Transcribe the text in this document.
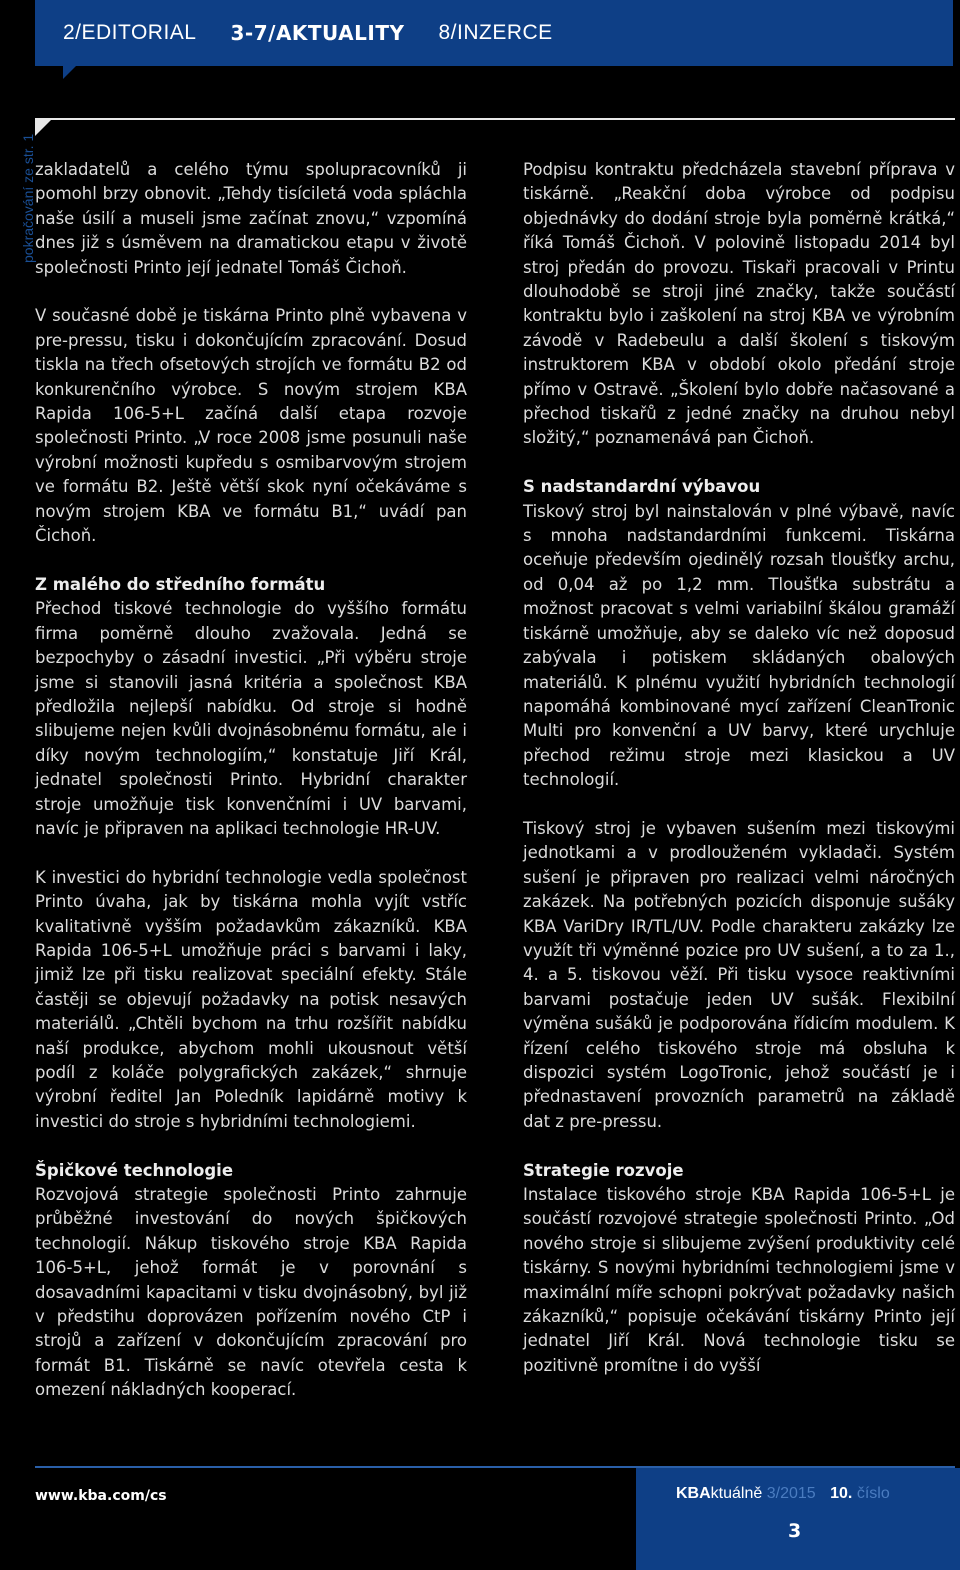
2/EDITORIAL 3-7/AKTUALITY 8/INZERCE
pokračování ze str. 1 zakladatelů a celého týmu spolupracovníků ji pomohl brzy obnovit. „Tehdy tisíciletá voda spláchla naše úsilí a museli jsme začínat znovu,“ vzpomíná dnes již s úsměvem na dramatickou etapu v životě společnosti Printo její jednatel Tomáš Čichoň.

V současné době je tiskárna Printo plně vybavena v pre-pressu, tisku i dokončujícím zpracování. Dosud tiskla na třech ofsetových strojích ve formátu B2 od konkurenčního výrobce. S novým strojem KBA Rapida 106-5+L začíná další etapa rozvoje společnosti Printo. „V roce 2008 jsme posunuli naše výrobní možnosti kupředu s osmibarvovým strojem ve formátu B2. Ještě větší skok nyní očekáváme s novým strojem KBA ve formátu B1,“ uvádí pan Čichoň.

Z malého do středního formátu

Přechod tiskové technologie do vyššího formátu firma poměrně dlouho zvažovala. Jedná se bezpochyby o zásadní investici. „Při výběru stroje jsme si stanovili jasná kritéria a společnost KBA předložila nejlepší nabídku. Od stroje si hodně slibujeme nejen kvůli dvojnásobnému formátu, ale i díky novým technologiím,“ konstatuje Jiří Král, jednatel společnosti Printo. Hybridní charakter stroje umožňuje tisk konvenčními i UV barvami, navíc je připraven na aplikaci technologie HR-UV.

K investici do hybridní technologie vedla společnost Printo úvaha, jak by tiskárna mohla vyjít vstříc kvalitativně vyšším požadavkům zákazníků. KBA Rapida 106-5+L umožňuje práci s barvami i laky, jimiž lze při tisku realizovat speciální efekty. Stále častěji se objevují požadavky na potisk nesavých materiálů. „Chtěli bychom na trhu rozšířit nabídku naší produkce, abychom mohli ukousnout větší podíl z koláče polygrafických zakázek,“ shrnuje výrobní ředitel Jan Poledník lapidárně motivy k investici do stroje s hybridními technologiemi.

Špičkové technologie

Rozvojová strategie společnosti Printo zahrnuje průběžné investování do nových špičkových technologií. Nákup tiskového stroje KBA Rapida 106-5+L, jehož formát je v porovnání s dosavadními kapacitami v tisku dvojnásobný, byl již v předstihu doprovázen pořízením nového CtP i strojů a zařízení v dokončujícím zpracování pro formát B1. Tiskárně se navíc otevřela cesta k omezení nákladných kooperací.

Podpisu kontraktu předcházela stavební příprava v tiskárně. „Reakční doba výrobce od podpisu objednávky do dodání stroje byla poměrně krátká,“ říká Tomáš Čichoň. V polovině listopadu 2014 byl stroj předán do provozu. Tiskaři pracovali v Printu dlouhodobě se stroji jiné značky, takže součástí kontraktu bylo i zaškolení na stroj KBA ve výrobním závodě v Radebeulu a další školení s tiskovým instruktorem KBA v období okolo předání stroje přímo v Ostravě. „Školení bylo dobře načasované a přechod tiskařů z jedné značky na druhou nebyl složitý,“ poznamenává pan Čichoň.

S nadstandardní výbavou

Tiskový stroj byl nainstalován v plné výbavě, navíc s mnoha nadstandardními funkcemi. Tiskárna oceňuje především ojedinělý rozsah tloušťky archu, od 0,04 až po 1,2 mm. Tloušťka substrátu a možnost pracovat s velmi variabilní škálou gramáží tiskárně umožňuje, aby se daleko víc než doposud zabývala i potiskem skládaných obalových materiálů. K plnému využití hybridních technologií napomáhá kombinované mycí zařízení CleanTronic Multi pro konvenční a UV barvy, které urychluje přechod režimu stroje mezi klasickou a UV technologií.

Tiskový stroj je vybaven sušením mezi tiskovými jednotkami a v prodlouženém vykladači. Systém sušení je připraven pro realizaci velmi náročných zakázek. Na potřebných pozicích disponuje sušáky KBA VariDry IR/TL/UV. Podle charakteru zakázky lze využít tři výměnné pozice pro UV sušení, a to za 1., 4. a 5. tiskovou věží. Při tisku vysoce reaktivními barvami postačuje jeden UV sušák. Flexibilní výměna sušáků je podporována řídicím modulem. K řízení celého tiskového stroje má obsluha k dispozici systém LogoTronic, jehož součástí je i přednastavení provozních parametrů na základě dat z pre-pressu.

Strategie rozvoje

Instalace tiskového stroje KBA Rapida 106-5+L je součástí rozvojové strategie společnosti Printo. „Od nového stroje si slibujeme zvýšení produktivity celé tiskárny. S novými hybridními technologiemi jsme v maximální míře schopni pokrývat požadavky našich zákazníků,“ popisuje očekávání tiskárny Printo její jednatel Jiří Král. Nová technologie tisku se pozitivně promítne i do vyšší

www.kba.com/cs	KBAktuálně 3/2015 10. číslo
3
